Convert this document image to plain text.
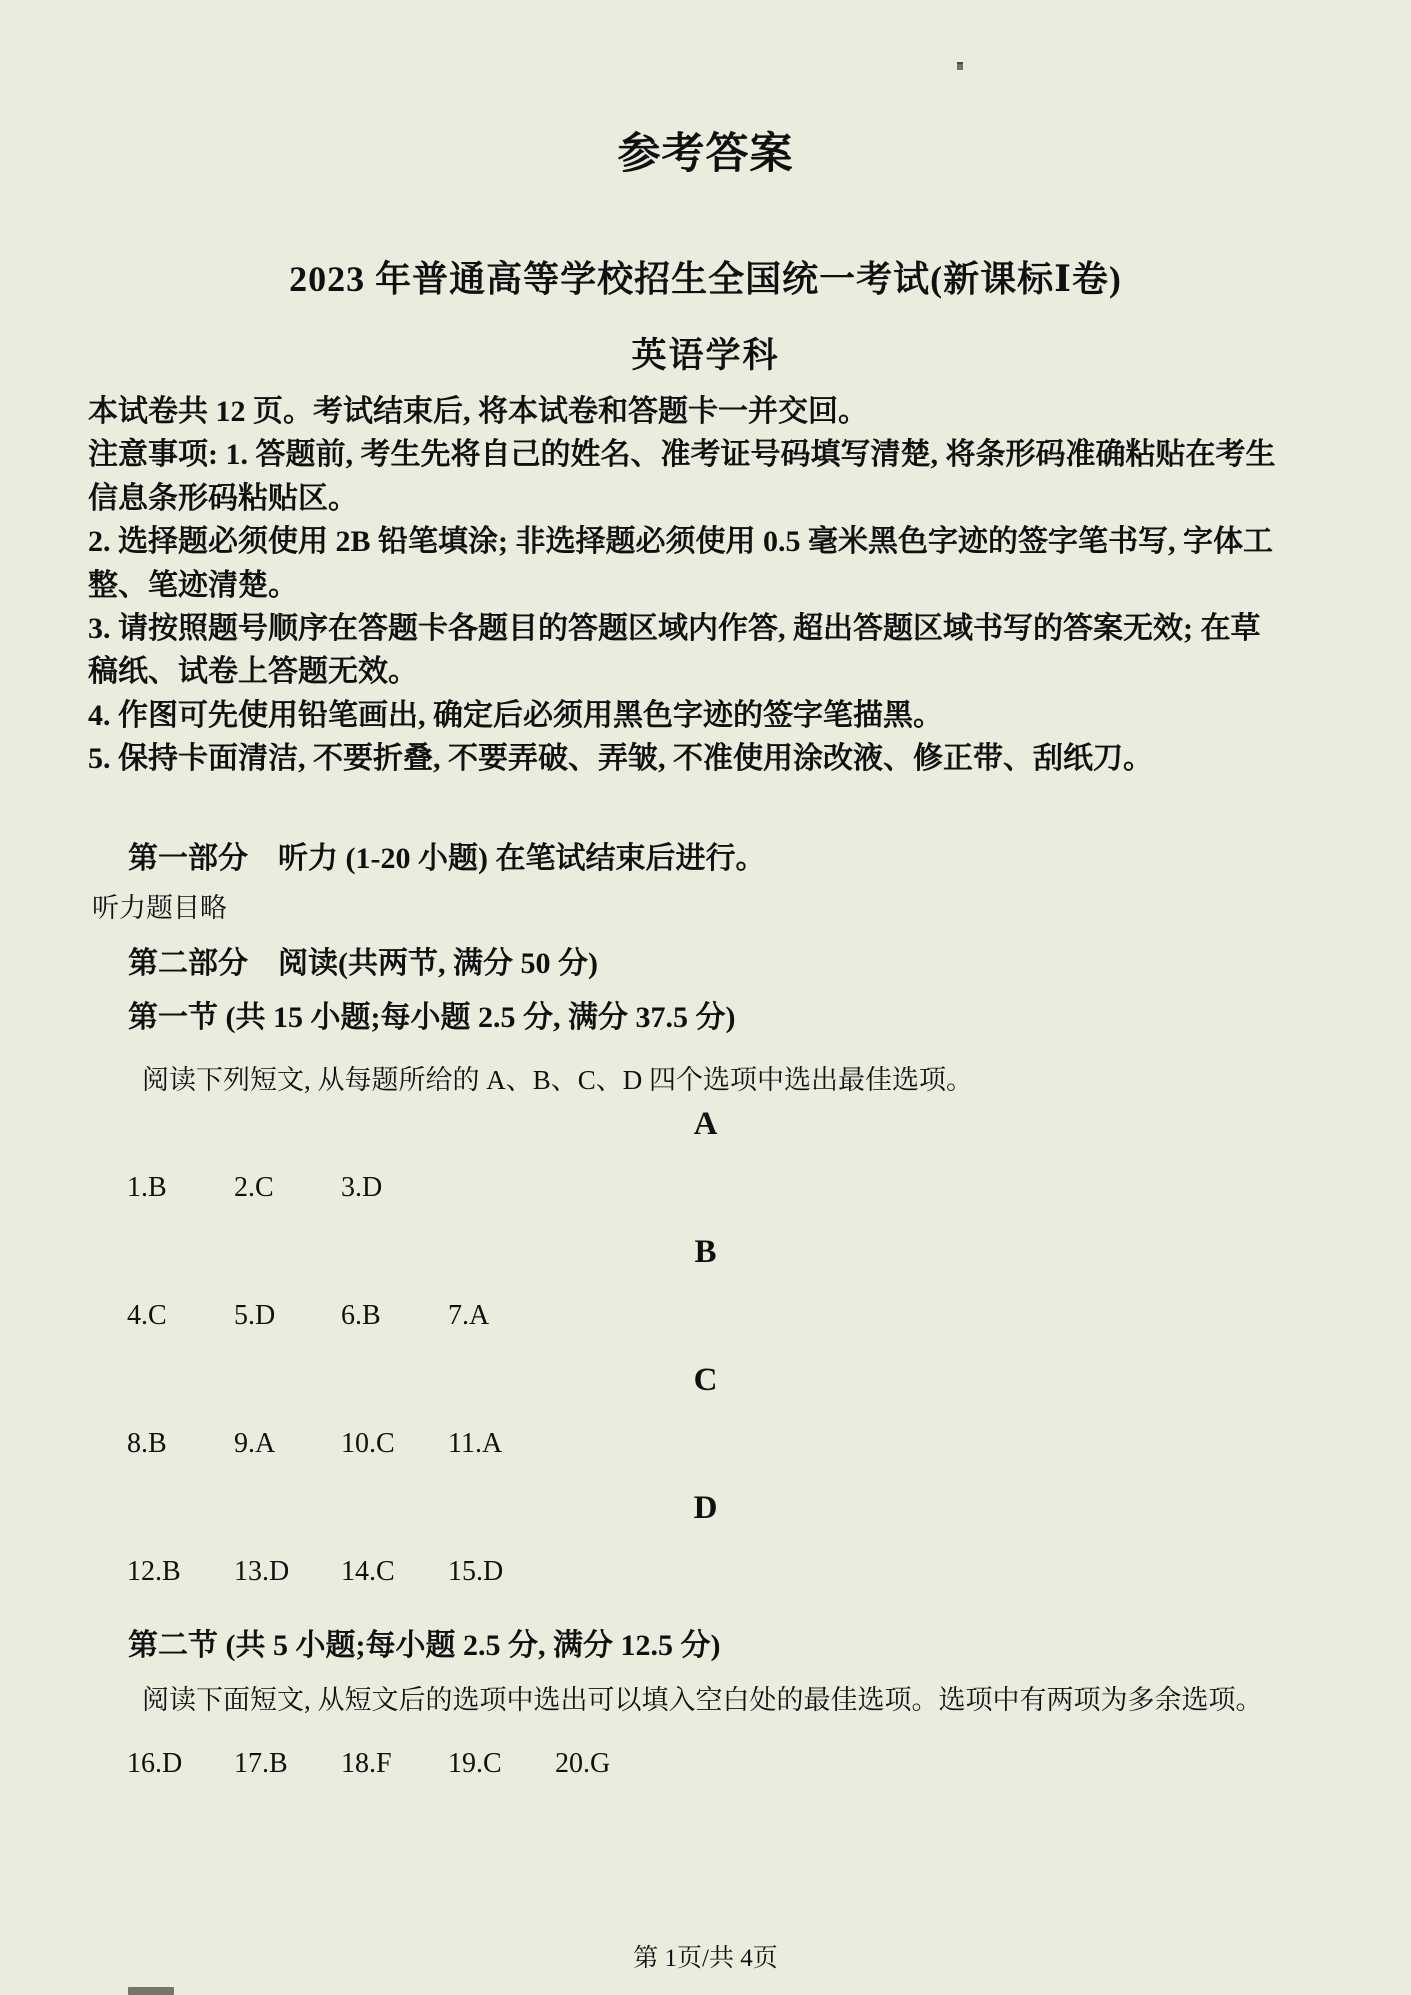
参考答案
2023 年普通高等学校招生全国统一考试(新课标Ⅰ卷)
英语学科
本试卷共 12 页。考试结束后, 将本试卷和答题卡一并交回。
注意事项: 1. 答题前, 考生先将自己的姓名、准考证号码填写清楚, 将条形码准确粘贴在考生
信息条形码粘贴区。
2. 选择题必须使用 2B 铅笔填涂; 非选择题必须使用 0.5 毫米黑色字迹的签字笔书写, 字体工
整、笔迹清楚。
3. 请按照题号顺序在答题卡各题目的答题区域内作答, 超出答题区域书写的答案无效; 在草
稿纸、试卷上答题无效。
4. 作图可先使用铅笔画出, 确定后必须用黑色字迹的签字笔描黑。
5. 保持卡面清洁, 不要折叠, 不要弄破、弄皱, 不准使用涂改液、修正带、刮纸刀。
第一部分　听力 (1-20 小题) 在笔试结束后进行。
听力题目略
第二部分　阅读(共两节, 满分 50 分)
第一节 (共 15 小题;每小题 2.5 分, 满分 37.5 分)
阅读下列短文, 从每题所给的 A、B、C、D 四个选项中选出最佳选项。
A
1.B 2.C 3.D
B
4.C 5.D 6.B 7.A
C
8.B 9.A 10.C 11.A
D
12.B 13.D 14.C 15.D
第二节 (共 5 小题;每小题 2.5 分, 满分 12.5 分)
阅读下面短文, 从短文后的选项中选出可以填入空白处的最佳选项。选项中有两项为多余选项。
16.D 17.B 18.F 19.C 20.G
第 1页/共 4页
